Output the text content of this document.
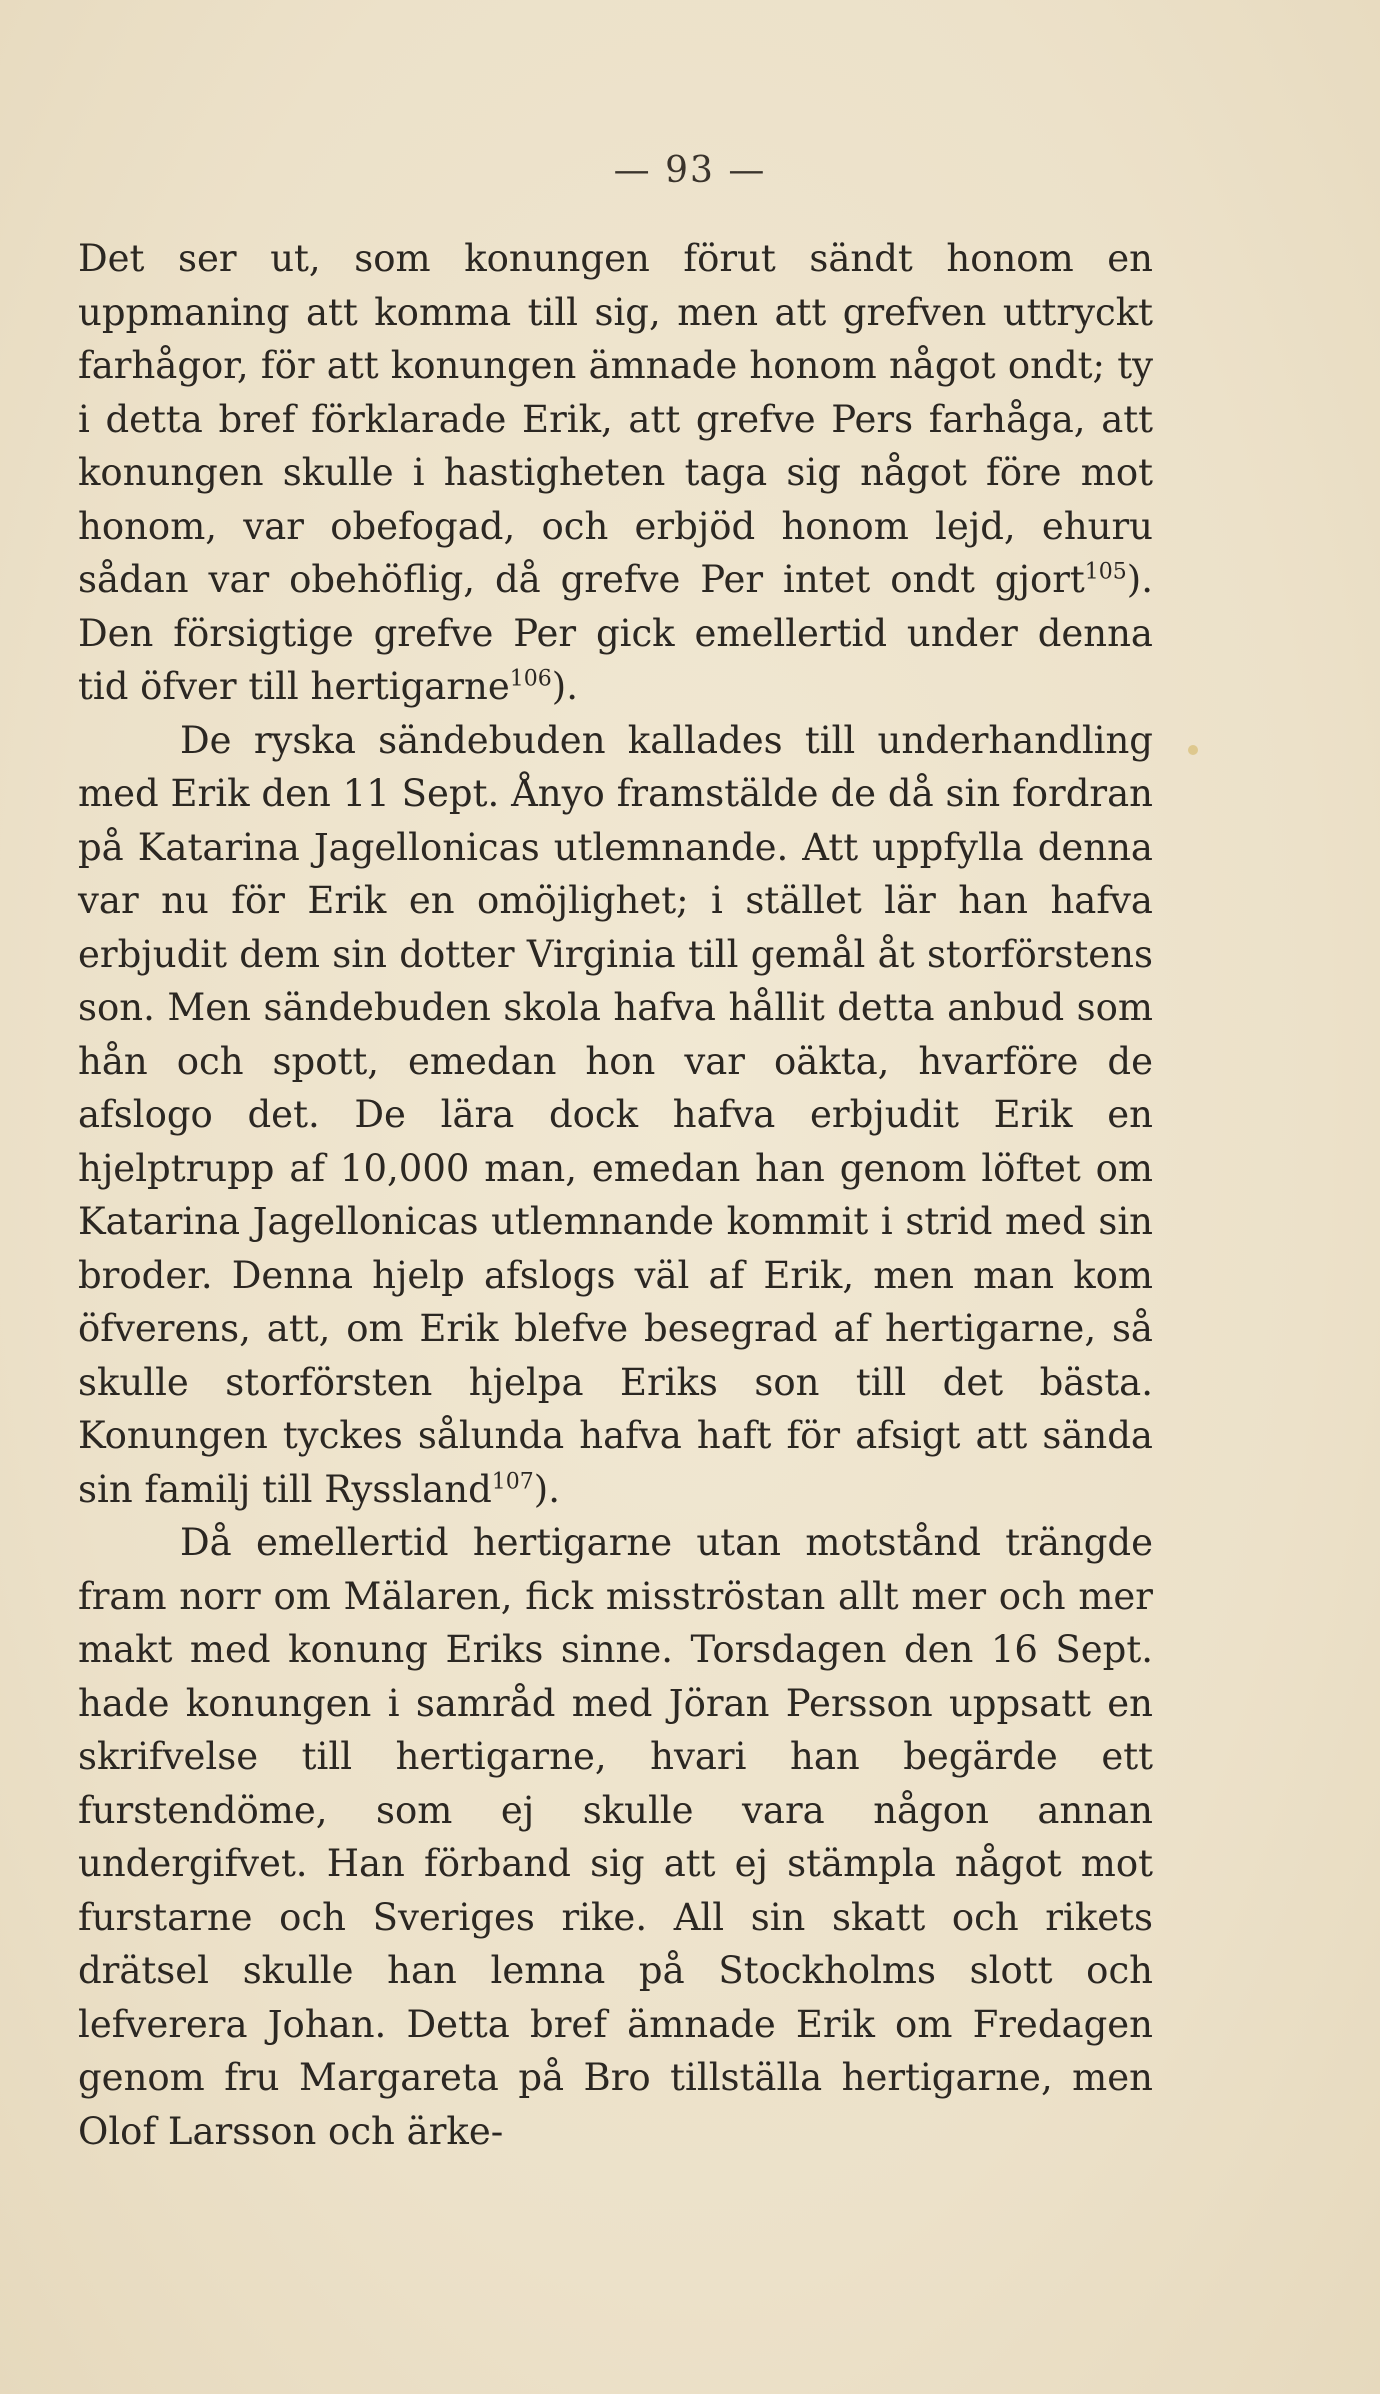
— 93 —

Det ser ut, som konungen förut sändt honom en uppmaning att komma till sig, men att grefven uttryckt farhågor, för att konungen ämnade honom något ondt; ty i detta bref förklarade Erik, att grefve Pers farhåga, att konungen skulle i hastigheten taga sig något före mot honom, var obefogad, och erbjöd honom lejd, ehuru sådan var obehöflig, då grefve Per intet ondt gjort$^{105}$). Den försigtige grefve Per gick emellertid under denna tid öfver till hertigarne$^{106}$).

De ryska sändebuden kallades till underhandling med Erik den 11 Sept. Ånyo framstälde de då sin fordran på Katarina Jagellonicas utlemnande. Att uppfylla denna var nu för Erik en omöjlighet; i stället lär han hafva erbjudit dem sin dotter Virginia till gemål åt storförstens son. Men sändebuden skola hafva hållit detta anbud som hån och spott, emedan hon var oäkta, hvarföre de afslogo det. De lära dock hafva erbjudit Erik en hjelptrupp af 10,000 man, emedan han genom löftet om Katarina Jagellonicas utlemnande kommit i strid med sin broder. Denna hjelp afslogs väl af Erik, men man kom öfverens, att, om Erik blefve besegrad af hertigarne, så skulle storförsten hjelpa Eriks son till det bästa. Konungen tyckes sålunda hafva haft för afsigt att sända sin familj till Ryssland$^{107}$).

Då emellertid hertigarne utan motstånd trängde fram norr om Mälaren, fick misströstan allt mer och mer makt med konung Eriks sinne. Torsdagen den 16 Sept. hade konungen i samråd med Jöran Persson uppsatt en skrifvelse till hertigarne, hvari han begärde ett furstendöme, som ej skulle vara någon annan undergifvet. Han förband sig att ej stämpla något mot furstarne och Sveriges rike. All sin skatt och rikets drätsel skulle han lemna på Stockholms slott och lefverera Johan. Detta bref ämnade Erik om Fredagen genom fru Margareta på Bro tillställa hertigarne, men Olof Larsson och ärke-
